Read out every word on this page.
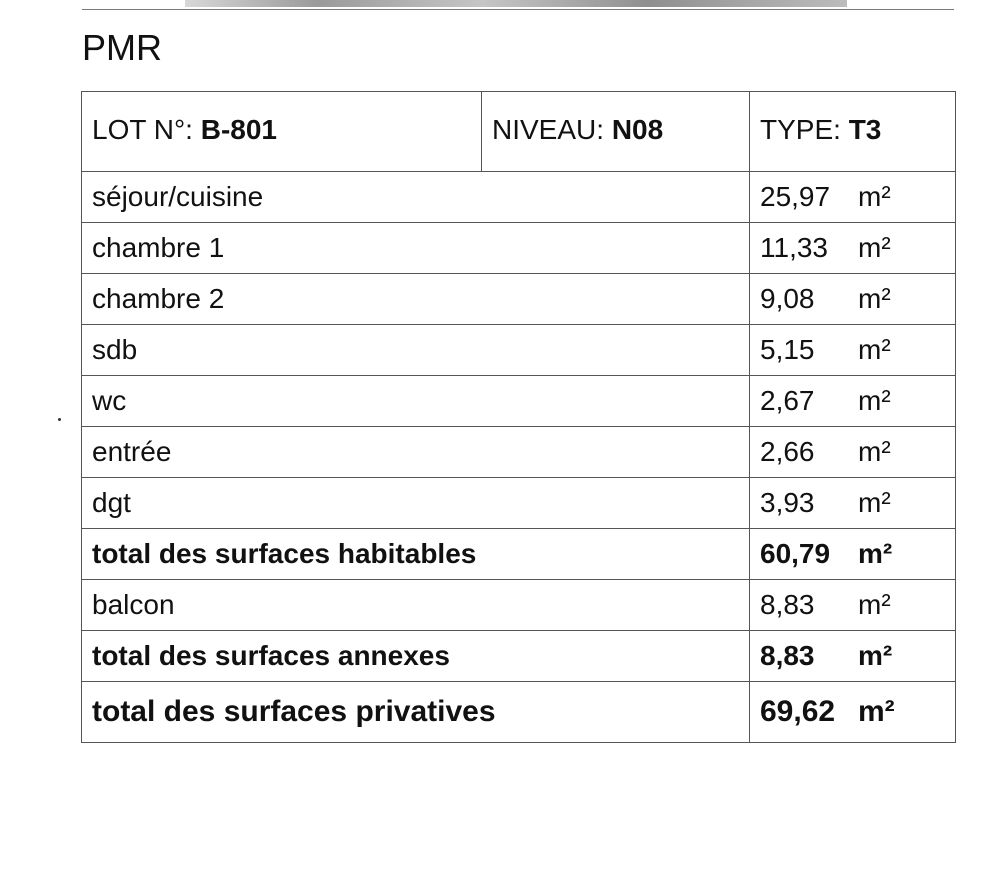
PMR
LOT N°: B-801	NIVEAU: N08	TYPE: T3
séjour/cuisine		25,97 m²
chambre 1		11,33 m²
chambre 2		9,08 m²
sdb		5,15 m²
wc		2,67 m²
entrée		2,66 m²
dgt		3,93 m²
total des surfaces habitables		60,79 m²
balcon		8,83 m²
total des surfaces annexes		8,83 m²
total des surfaces privatives		69,62 m²
